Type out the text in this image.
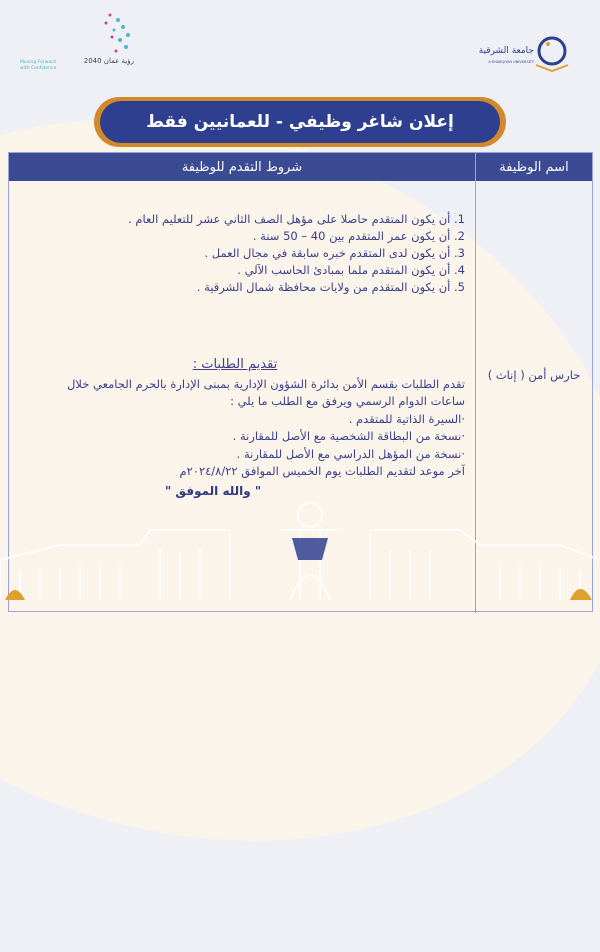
رؤية عمان 2040
Moving Forward
with Confidence
جامعة الشرقية
A'SHARQIYAH UNIVERSITY
إعلان شاغر وظيفي - للعمانيين فقط
شروط التقدم للوظيفة	اسم الوظيفة
1. أن يكون المتقدم حاصلا على مؤهل الصف الثاني عشر للتعليم العام .
2. أن يكون عمر المتقدم بين 40 – 50 سنة .
3. أن يكون لدى المتقدم خبره سابقة في مجال العمل .
4. أن يكون المتقدم ملما بمبادئ الحاسب الآلي .
5. أن يكون المتقدم من ولايات محافظة شمال الشرقية .
تقديم الطلبات :
تقدم الطلبات بقسم الأمن بدائرة الشؤون الإدارية بمبنى الإدارة بالحرم الجامعي خلال
ساعات الدوام الرسمي ويرفق مع الطلب ما يلي :
·السيرة الذاتية للمتقدم .
·نسخة من البطاقة الشخصية مع الأصل للمقارنة .
·نسخة من المؤهل الدراسي مع الأصل للمقارنة .
آخر موعد لتقديم الطلبات يوم الخميس الموافق ٢٠٢٤/٨/٢٢م
حارس أمن ( إناث )
" والله الموفق "
